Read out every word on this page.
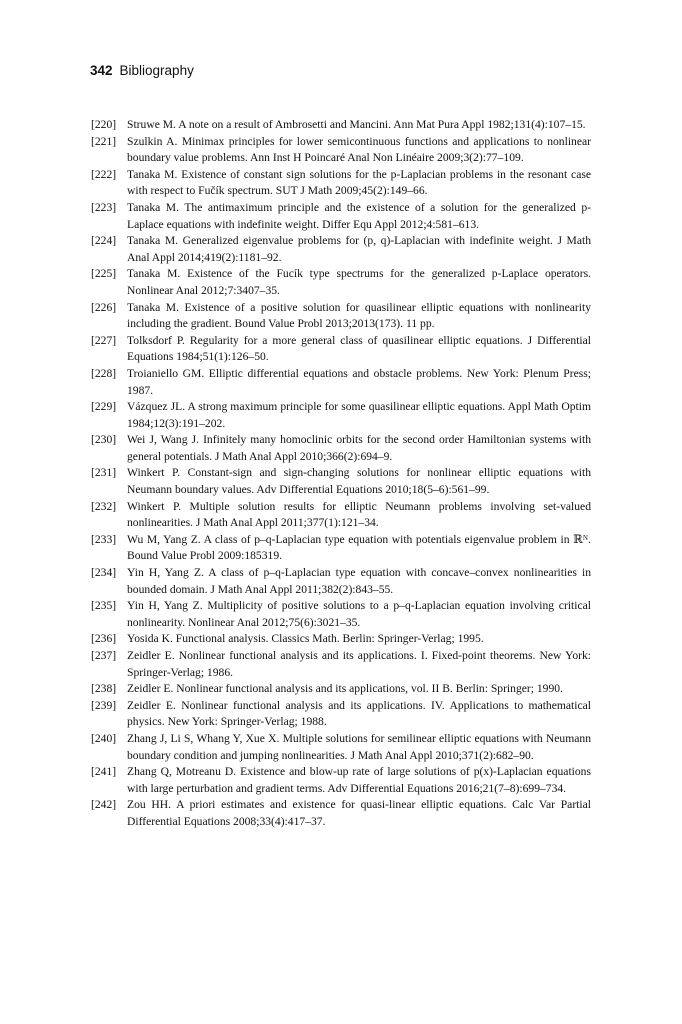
342 Bibliography
[220] Struwe M. A note on a result of Ambrosetti and Mancini. Ann Mat Pura Appl 1982;131(4):107–15.
[221] Szulkin A. Minimax principles for lower semicontinuous functions and applications to nonlinear boundary value problems. Ann Inst H Poincaré Anal Non Linéaire 2009;3(2):77–109.
[222] Tanaka M. Existence of constant sign solutions for the p-Laplacian problems in the resonant case with respect to Fučík spectrum. SUT J Math 2009;45(2):149–66.
[223] Tanaka M. The antimaximum principle and the existence of a solution for the generalized p-Laplace equations with indefinite weight. Differ Equ Appl 2012;4:581–613.
[224] Tanaka M. Generalized eigenvalue problems for (p, q)-Laplacian with indefinite weight. J Math Anal Appl 2014;419(2):1181–92.
[225] Tanaka M. Existence of the Fucík type spectrums for the generalized p-Laplace operators. Nonlinear Anal 2012;7:3407–35.
[226] Tanaka M. Existence of a positive solution for quasilinear elliptic equations with nonlinearity including the gradient. Bound Value Probl 2013;2013(173). 11 pp.
[227] Tolksdorf P. Regularity for a more general class of quasilinear elliptic equations. J Differential Equations 1984;51(1):126–50.
[228] Troianiello GM. Elliptic differential equations and obstacle problems. New York: Plenum Press; 1987.
[229] Vázquez JL. A strong maximum principle for some quasilinear elliptic equations. Appl Math Optim 1984;12(3):191–202.
[230] Wei J, Wang J. Infinitely many homoclinic orbits for the second order Hamiltonian systems with general potentials. J Math Anal Appl 2010;366(2):694–9.
[231] Winkert P. Constant-sign and sign-changing solutions for nonlinear elliptic equations with Neumann boundary values. Adv Differential Equations 2010;18(5–6):561–99.
[232] Winkert P. Multiple solution results for elliptic Neumann problems involving set-valued nonlinearities. J Math Anal Appl 2011;377(1):121–34.
[233] Wu M, Yang Z. A class of p–q-Laplacian type equation with potentials eigenvalue problem in ℝᴺ. Bound Value Probl 2009:185319.
[234] Yin H, Yang Z. A class of p–q-Laplacian type equation with concave–convex nonlinearities in bounded domain. J Math Anal Appl 2011;382(2):843–55.
[235] Yin H, Yang Z. Multiplicity of positive solutions to a p–q-Laplacian equation involving critical nonlinearity. Nonlinear Anal 2012;75(6):3021–35.
[236] Yosida K. Functional analysis. Classics Math. Berlin: Springer-Verlag; 1995.
[237] Zeidler E. Nonlinear functional analysis and its applications. I. Fixed-point theorems. New York: Springer-Verlag; 1986.
[238] Zeidler E. Nonlinear functional analysis and its applications, vol. II B. Berlin: Springer; 1990.
[239] Zeidler E. Nonlinear functional analysis and its applications. IV. Applications to mathematical physics. New York: Springer-Verlag; 1988.
[240] Zhang J, Li S, Whang Y, Xue X. Multiple solutions for semilinear elliptic equations with Neumann boundary condition and jumping nonlinearities. J Math Anal Appl 2010;371(2):682–90.
[241] Zhang Q, Motreanu D. Existence and blow-up rate of large solutions of p(x)-Laplacian equations with large perturbation and gradient terms. Adv Differential Equations 2016;21(7–8):699–734.
[242] Zou HH. A priori estimates and existence for quasi-linear elliptic equations. Calc Var Partial Differential Equations 2008;33(4):417–37.
